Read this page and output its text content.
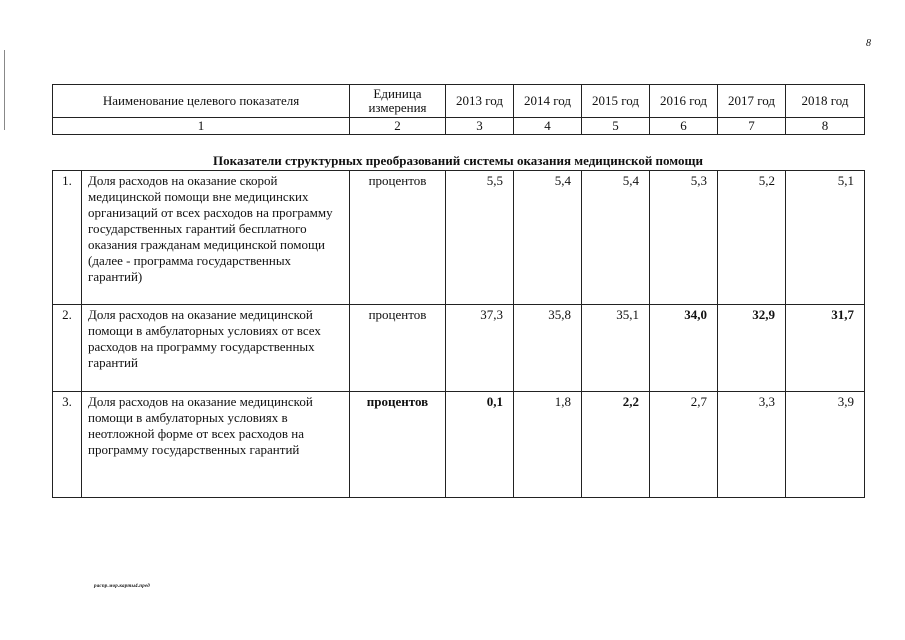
8
Наименование целевого показателя	Единица измерения	2013 год	2014 год	2015 год	2016 год	2017 год	2018 год
1	2	3	4	5	6	7	8
Показатели структурных преобразований системы оказания медицинской помощи
1.	Доля расходов на оказание скорой медицинской помощи вне медицинских организаций от всех расходов на программу государственных гарантий бесплатного оказания гражданам медицинской помощи (далее - программа государственных гарантий)	процентов	5,5	5,4	5,4	5,3	5,2	5,1
2.	Доля расходов на оказание медицинской помощи в амбулаторных условиях от всех расходов на программу государственных гарантий	процентов	37,3	35,8	35,1	34,0	32,9	31,7
3.	Доля расходов на оказание медицинской помощи в амбулаторных условиях в неотложной форме от всех расходов на программу государственных гарантий	процентов	0,1	1,8	2,2	2,7	3,3	3,9
распр.мор.карты4.пред
